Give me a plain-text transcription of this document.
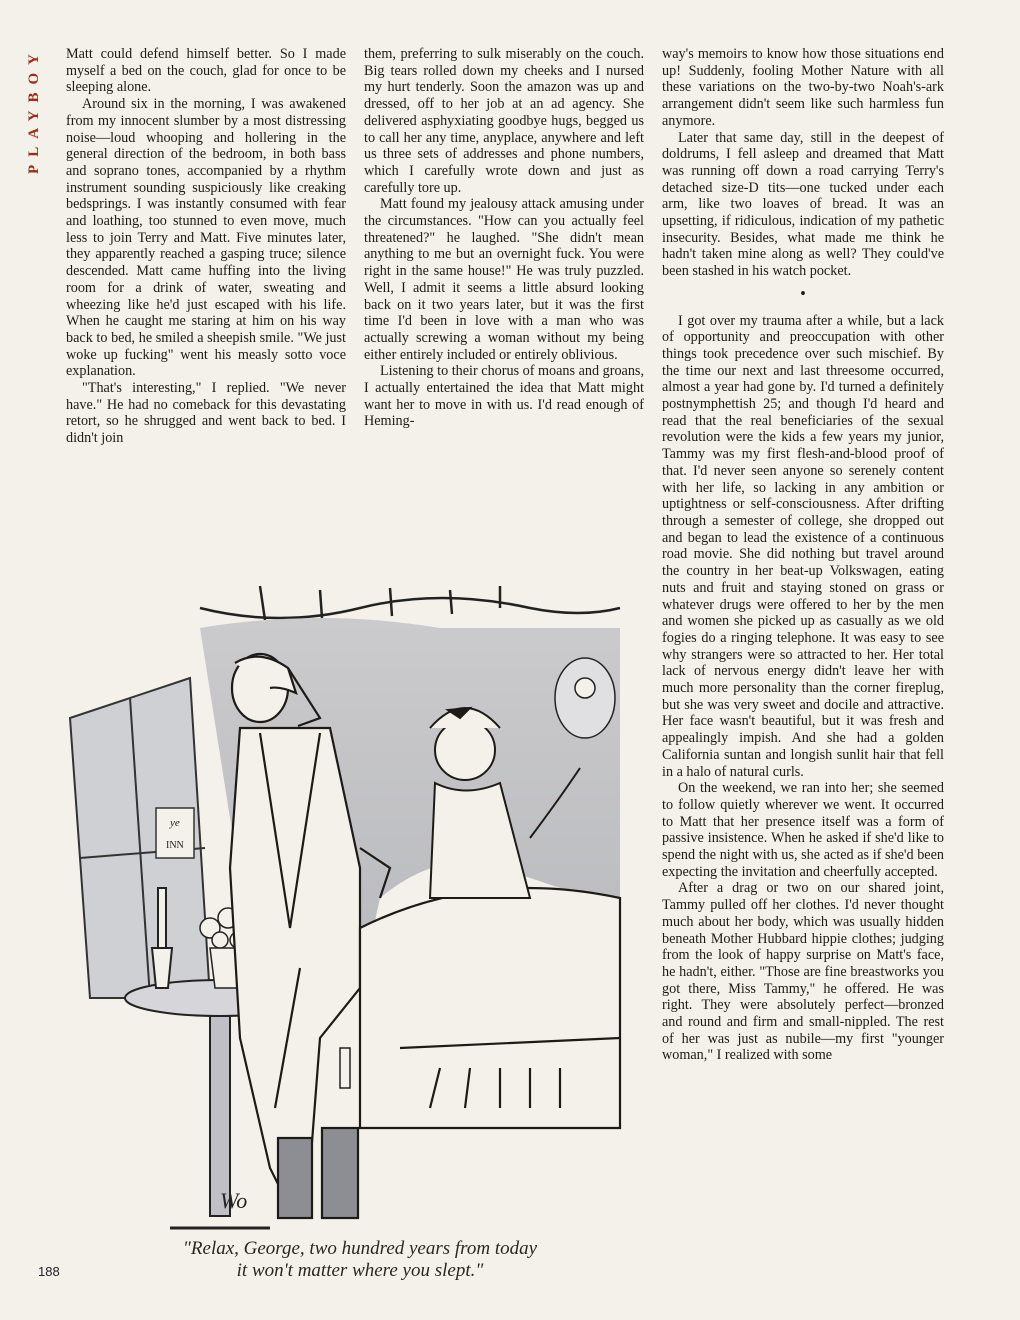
PLAYBOY Matt could defend himself better. So I made myself a bed on the couch, glad for once to be sleeping alone.

Around six in the morning, I was awakened from my innocent slumber by a most distressing noise—loud whooping and hollering in the general direction of the bedroom, in both bass and soprano tones, accompanied by a rhythm instrument sounding suspiciously like creaking bedsprings. I was instantly consumed with fear and loathing, too stunned to even move, much less to join Terry and Matt. Five minutes later, they apparently reached a gasping truce; silence descended. Matt came huffing into the living room for a drink of water, sweating and wheezing like he'd just escaped with his life. When he caught me staring at him on his way back to bed, he smiled a sheepish smile. "We just woke up fucking" went his measly sotto voce explanation.

"That's interesting," I replied. "We never have." He had no comeback for this devastating retort, so he shrugged and went back to bed. I didn't join

them, preferring to sulk miserably on the couch. Big tears rolled down my cheeks and I nursed my hurt tenderly. Soon the amazon was up and dressed, off to her job at an ad agency. She delivered asphyxiating goodbye hugs, begged us to call her any time, anyplace, anywhere and left us three sets of addresses and phone numbers, which I carefully wrote down and just as carefully tore up.

Matt found my jealousy attack amusing under the circumstances. "How can you actually feel threatened?" he laughed. "She didn't mean anything to me but an overnight fuck. You were right in the same house!" He was truly puzzled. Well, I admit it seems a little absurd looking back on it two years later, but it was the first time I'd been in love with a man who was actually screwing a woman without my being either entirely included or entirely oblivious.

Listening to their chorus of moans and groans, I actually entertained the idea that Matt might want her to move in with us. I'd read enough of Heming-

way's memoirs to know how those situations end up! Suddenly, fooling Mother Nature with all these variations on the two-by-two Noah's-ark arrangement didn't seem like such harmless fun anymore.

Later that same day, still in the deepest of doldrums, I fell asleep and dreamed that Matt was running off down a road carrying Terry's detached size-D tits—one tucked under each arm, like two loaves of bread. It was an upsetting, if ridiculous, indication of my pathetic insecurity. Besides, what made me think he hadn't taken mine along as well? They could've been stashed in his watch pocket.

•

I got over my trauma after a while, but a lack of opportunity and preoccupation with other things took precedence over such mischief. By the time our next and last threesome occurred, almost a year had gone by. I'd turned a definitely postnymphettish 25; and though I'd heard and read that the real beneficiaries of the sexual revolution were the kids a few years my junior, Tammy was my first flesh-and-blood proof of that. I'd never seen anyone so serenely content with her life, so lacking in any ambition or uptightness or self-consciousness. After drifting through a semester of college, she dropped out and began to lead the existence of a continuous road movie. She did nothing but travel around the country in her beat-up Volkswagen, eating nuts and fruit and staying stoned on grass or whatever drugs were offered to her by the men and women she picked up as casually as we old fogies do a ringing telephone. It was easy to see why strangers were so attracted to her. Her total lack of nervous energy didn't leave her with much more personality than the corner fireplug, but she was very sweet and docile and attractive. Her face wasn't beautiful, but it was fresh and appealingly impish. And she had a golden California suntan and longish sunlit hair that fell in a halo of natural curls.

On the weekend, we ran into her; she seemed to follow quietly wherever we went. It occurred to Matt that her presence itself was a form of passive insistence. When he asked if she'd like to spend the night with us, she acted as if she'd been expecting the invitation and cheerfully accepted.

After a drag or two on our shared joint, Tammy pulled off her clothes. I'd never thought much about her body, which was usually hidden beneath Mother Hubbard hippie clothes; judging from the look of happy surprise on Matt's face, he hadn't, either. "Those are fine breastworks you got there, Miss Tammy," he offered. He was right. They were absolutely perfect—bronzed and round and firm and small-nippled. The rest of her was just as nubile—my first "younger woman," I realized with some

ye
INN
Wo
"Relax, George, two hundred years from today
it won't matter where you slept."
188
